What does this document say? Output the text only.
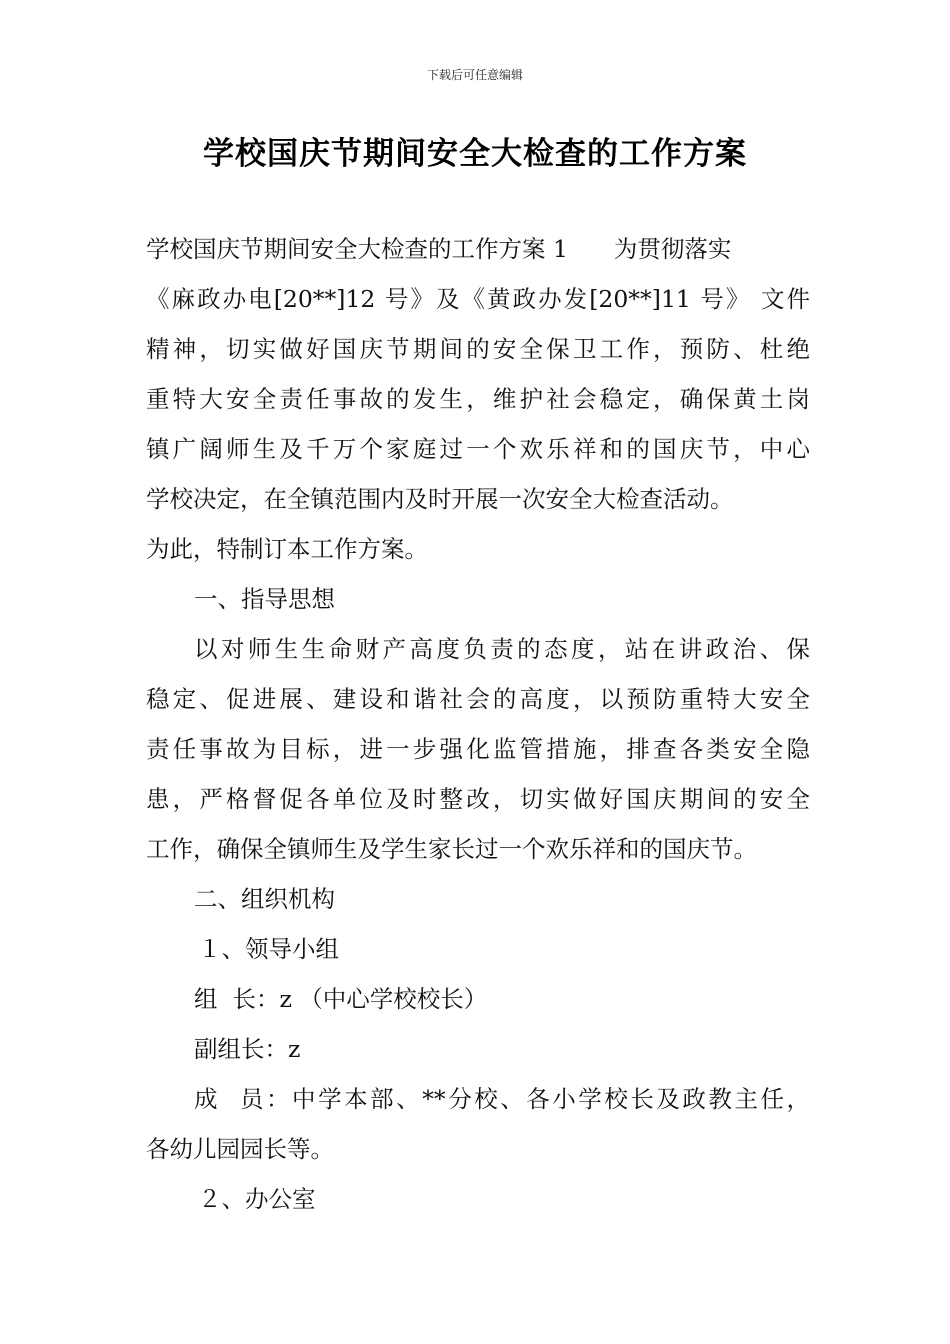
下载后可任意编辑
学校国庆节期间安全大检查的工作方案
学校国庆节期间安全大检查的工作方案 1 为贯彻落实
《麻政办电[20**]12 号》及《黄政办发[20**]11 号》 文件
精神，切实做好国庆节期间的安全保卫工作，预防、杜绝
重特大安全责任事故的发生，维护社会稳定，确保黄土岗
镇广阔师生及千万个家庭过一个欢乐祥和的国庆节，中心
学校决定，在全镇范围内及时开展一次安全大检查活动。
为此，特制订本工作方案。
一、指导思想
以对师生生命财产高度负责的态度，站在讲政治、保
稳定、促进展、建设和谐社会的高度，以预防重特大安全
责任事故为目标，进一步强化监管措施，排查各类安全隐
患，严格督促各单位及时整改，切实做好国庆期间的安全
工作，确保全镇师生及学生家长过一个欢乐祥和的国庆节。
二、组织机构
１、领导小组
组  长：z （中心学校校长）
副组长：z
成  员：中学本部、**分校、各小学校长及政教主任，
各幼儿园园长等。
２、办公室
